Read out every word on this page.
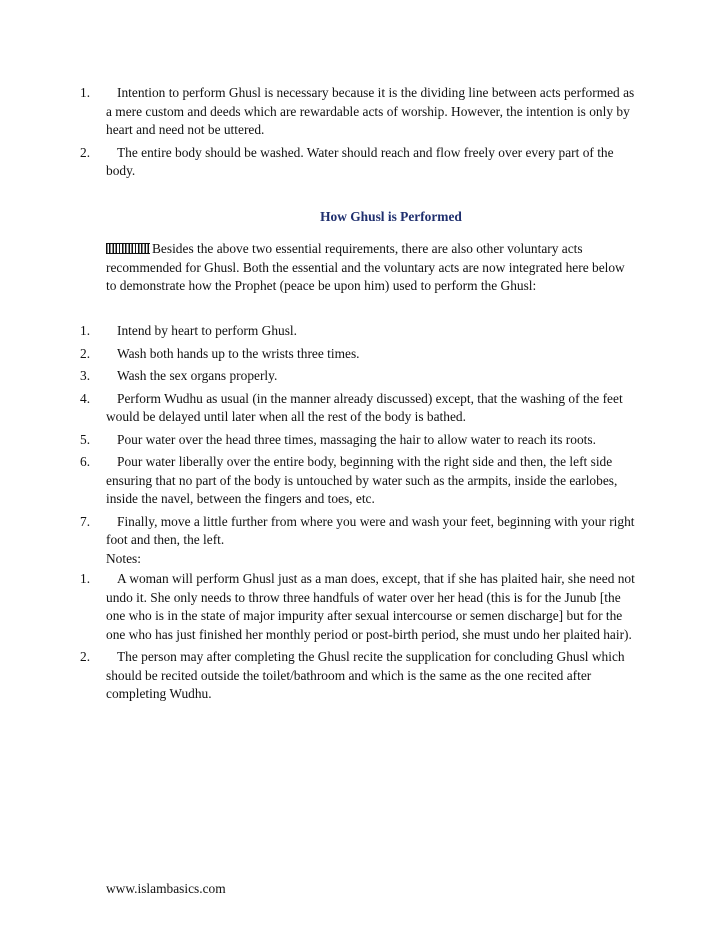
1.	Intention to perform Ghusl is necessary because it is the dividing line between acts performed as a mere custom and deeds which are rewardable acts of worship. However, the intention is only by heart and need not be uttered.
2.	The entire body should be washed. Water should reach and flow freely over every part of the body.
How Ghusl is Performed
Besides the above two essential requirements, there are also other voluntary acts recommended for Ghusl. Both the essential and the voluntary acts are now integrated here below to demonstrate how the Prophet (peace be upon him) used to perform the Ghusl:
1.	Intend by heart to perform Ghusl.
2.	Wash both hands up to the wrists three times.
3.	Wash the sex organs properly.
4.	Perform Wudhu as usual (in the manner already discussed) except, that the washing of the feet would be delayed until later when all the rest of the body is bathed.
5.	Pour water over the head three times, massaging the hair to allow water to reach its roots.
6.	Pour water liberally over the entire body, beginning with the right side and then, the left side ensuring that no part of the body is untouched by water such as the armpits, inside the earlobes, inside the navel, between the fingers and toes, etc.
7.	Finally, move a little further from where you were and wash your feet, beginning with your right foot and then, the left.
Notes:
1.	A woman will perform Ghusl just as a man does, except, that if she has plaited hair, she need not undo it. She only needs to throw three handfuls of water over her head (this is for the Junub [the one who is in the state of major impurity after sexual intercourse or semen discharge] but for the one who has just finished her monthly period or post-birth period, she must undo her plaited hair).
2.	The person may after completing the Ghusl recite the supplication for concluding Ghusl which should be recited outside the toilet/bathroom and which is the same as the one recited after completing Wudhu.
www.islambasics.com
